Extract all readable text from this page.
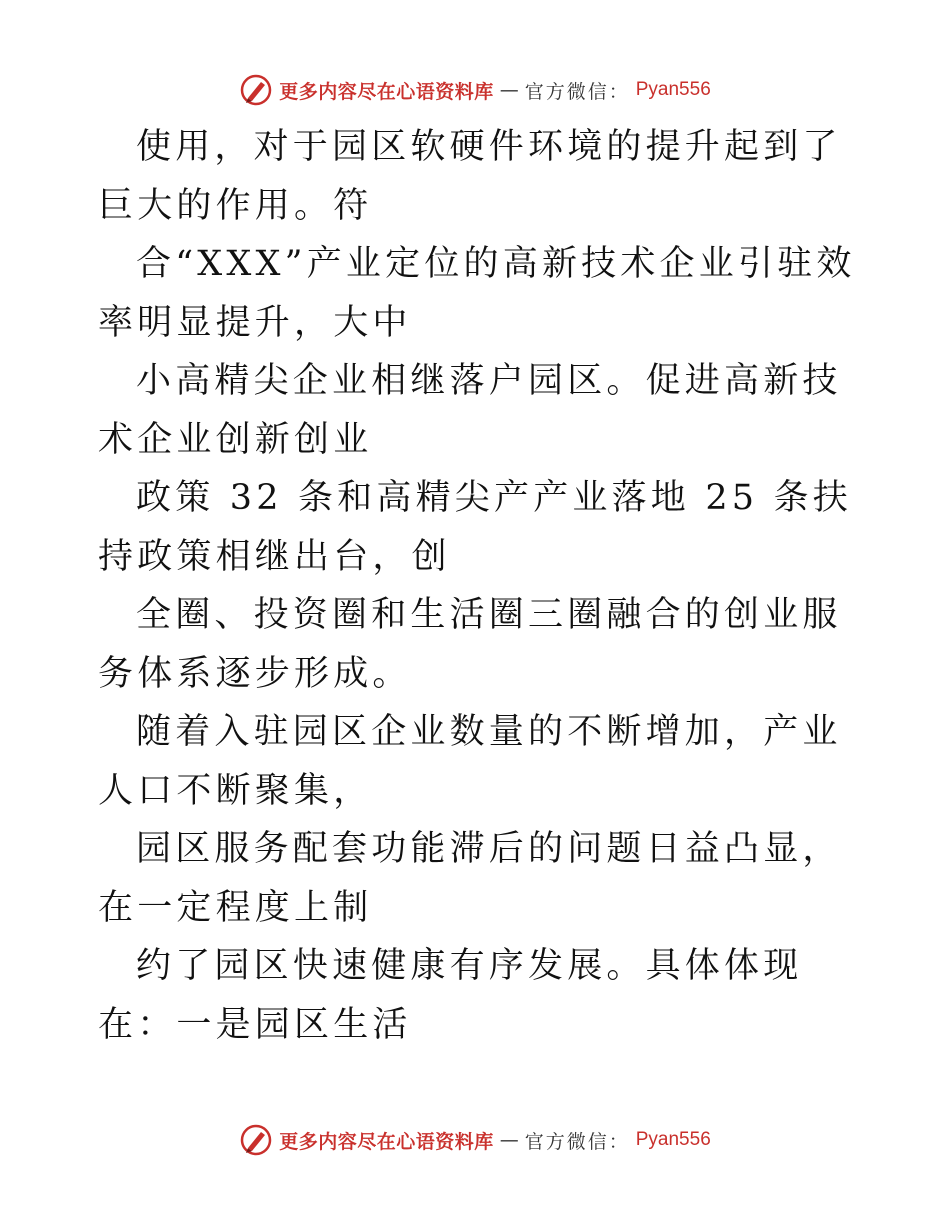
更多内容尽在心语资料库 — 官方微信： Pyan556

使用，对于园区软硬件环境的提升起到了巨大的作用。符

合“XXX”产业定位的高新技术企业引驻效率明显提升，大中

小高精尖企业相继落户园区。促进高新技术企业创新创业

政策 32 条和高精尖产产业落地 25 条扶持政策相继出台，创

全圈、投资圈和生活圈三圈融合的创业服务体系逐步形成。

随着入驻园区企业数量的不断增加，产业人口不断聚集，

园区服务配套功能滞后的问题日益凸显，在一定程度上制

约了园区快速健康有序发展。具体体现在：一是园区生活

更多内容尽在心语资料库 — 官方微信： Pyan556
